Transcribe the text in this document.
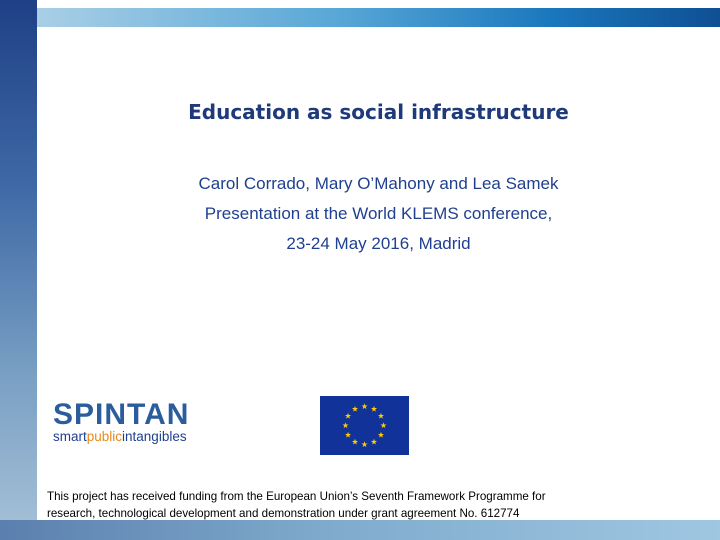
Education as social infrastructure
Carol Corrado, Mary O’Mahony and Lea Samek
Presentation at the World KLEMS conference,
23-24 May 2016, Madrid
SPINTAN
smartpublicintangibles
This project has received funding from the European Union’s Seventh Framework Programme for
research, technological development and demonstration under grant agreement No. 612774
